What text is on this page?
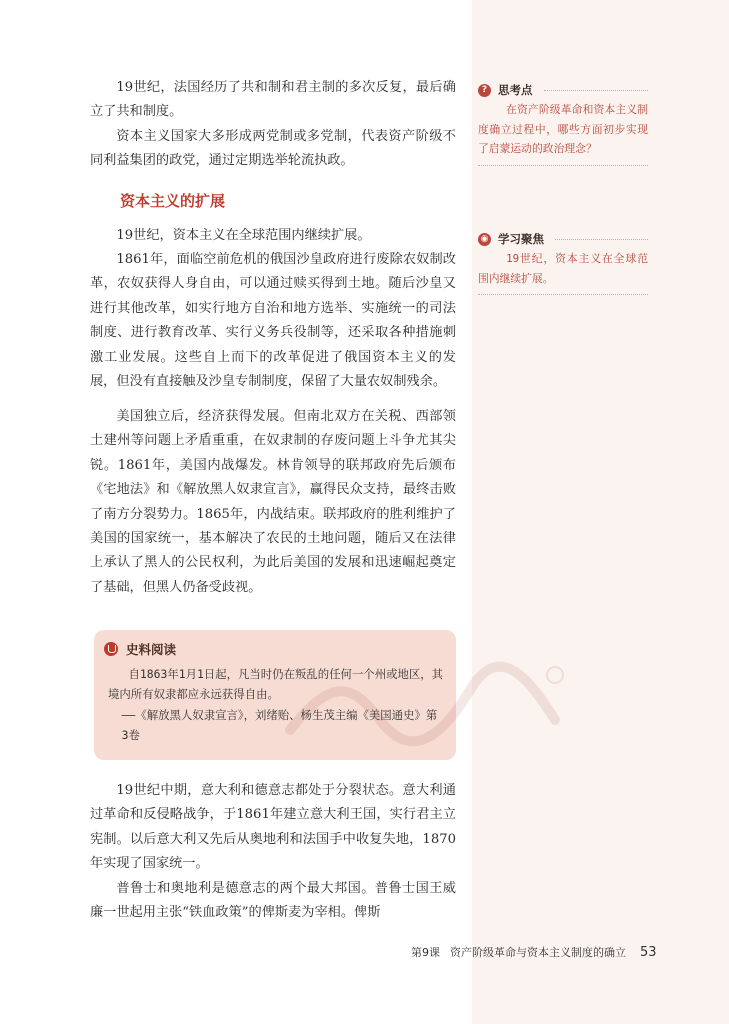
19世纪，法国经历了共和制和君主制的多次反复，最后确立了共和制度。

资本主义国家大多形成两党制或多党制，代表资产阶级不同利益集团的政党，通过定期选举轮流执政。

资本主义的扩展

19世纪，资本主义在全球范围内继续扩展。

1861年，面临空前危机的俄国沙皇政府进行废除农奴制改革，农奴获得人身自由，可以通过赎买得到土地。随后沙皇又进行其他改革，如实行地方自治和地方选举、实施统一的司法制度、进行教育改革、实行义务兵役制等，还采取各种措施刺激工业发展。这些自上而下的改革促进了俄国资本主义的发展，但没有直接触及沙皇专制制度，保留了大量农奴制残余。

美国独立后，经济获得发展。但南北双方在关税、西部领土建州等问题上矛盾重重，在奴隶制的存废问题上斗争尤其尖锐。1861年，美国内战爆发。林肯领导的联邦政府先后颁布《宅地法》和《解放黑人奴隶宣言》，赢得民众支持，最终击败了南方分裂势力。1865年，内战结束。联邦政府的胜利维护了美国的国家统一，基本解决了农民的土地问题，随后又在法律上承认了黑人的公民权利，为此后美国的发展和迅速崛起奠定了基础，但黑人仍备受歧视。

史料阅读

自1863年1月1日起，凡当时仍在叛乱的任何一个州或地区，其境内所有奴隶都应永远获得自由。
——《解放黑人奴隶宣言》，刘绪贻、杨生茂主编《美国通史》第3卷

19世纪中期，意大利和德意志都处于分裂状态。意大利通过革命和反侵略战争，于1861年建立意大利王国，实行君主立宪制。以后意大利又先后从奥地利和法国手中收复失地，1870年实现了国家统一。

普鲁士和奥地利是德意志的两个最大邦国。普鲁士国王威廉一世起用主张“铁血政策”的俾斯麦为宰相。俾斯

? 思考点

在资产阶级革命和资本主义制度确立过程中，哪些方面初步实现了启蒙运动的政治理念？

◉ 学习聚焦

19世纪，资本主义在全球范围内继续扩展。

第9课 资产阶级革命与资本主义制度的确立 53
